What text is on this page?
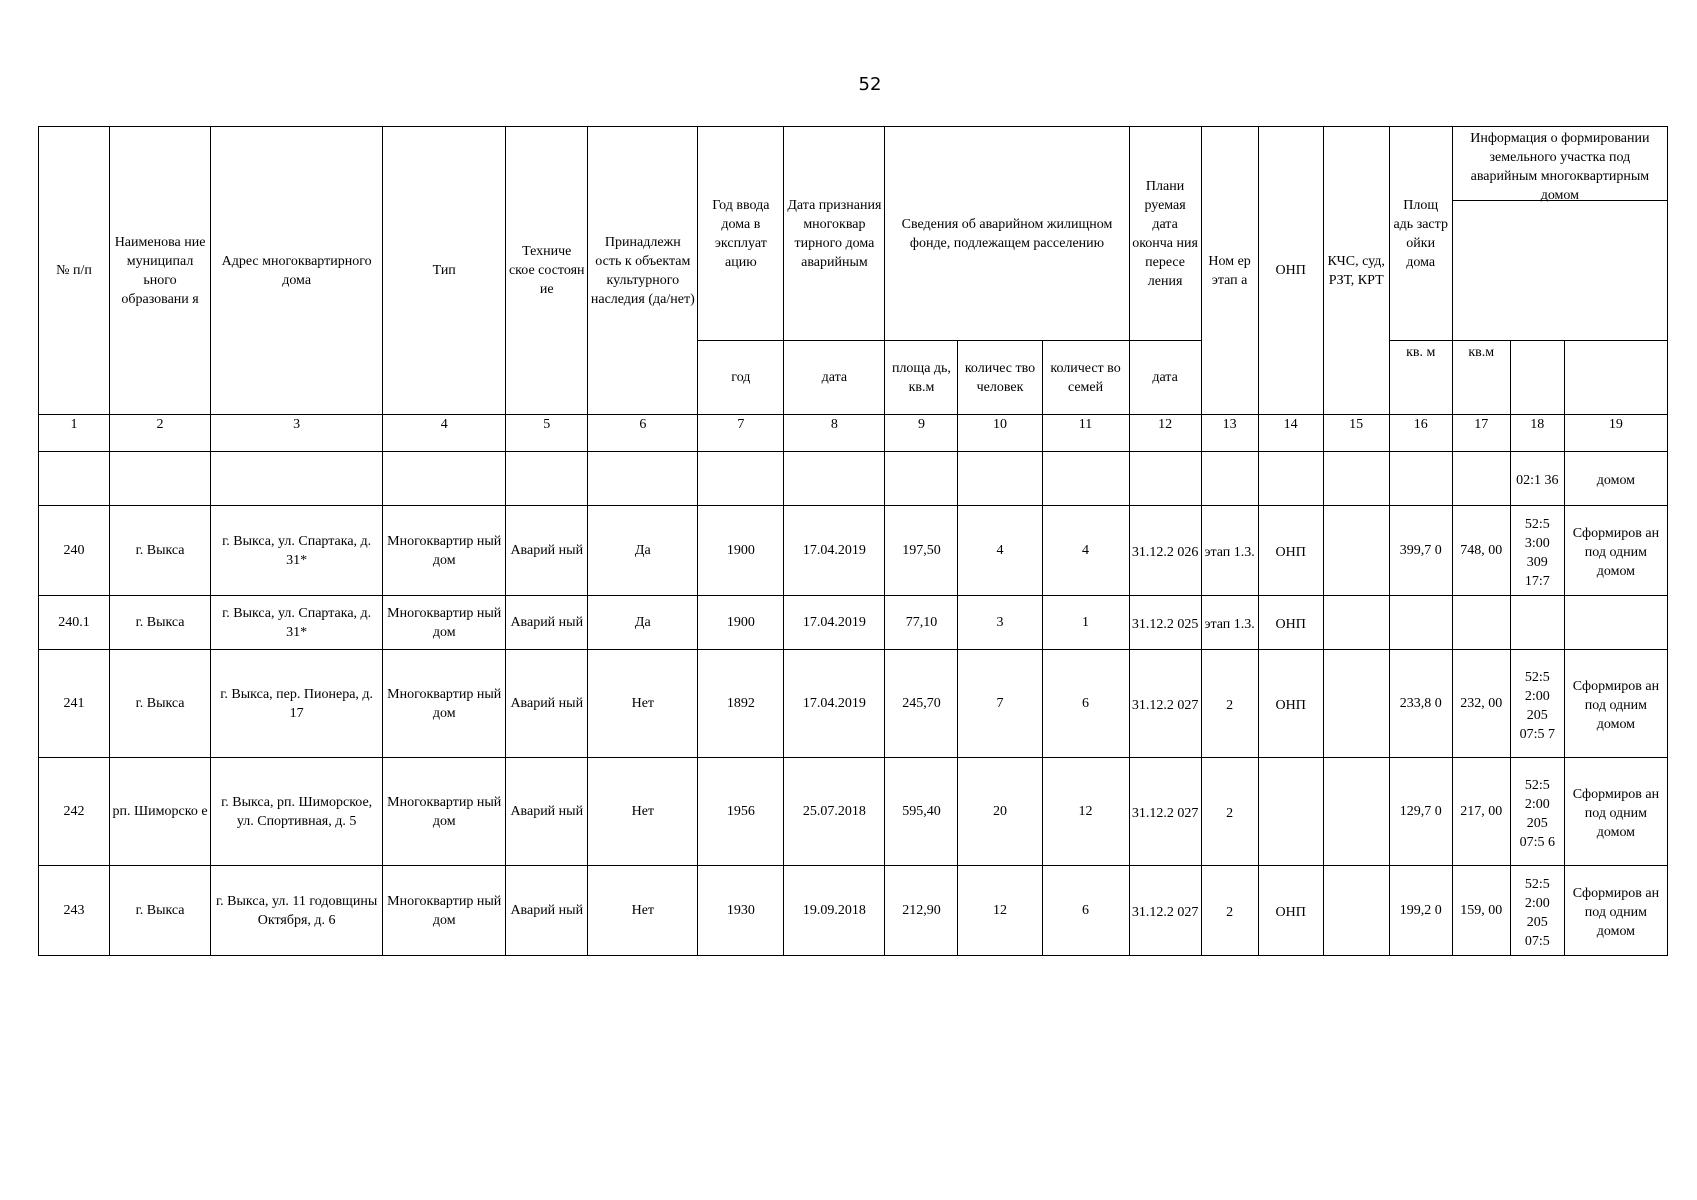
52
№ п/п	Наименова ние муниципал ьного образовани я	Адрес многоквартирного дома	Тип	Техниче ское состоян ие	Принадлежн ость к объектам культурного наследия (да/нет)	Год ввода дома в эксплуат ацию	Дата признания многоквар тирного дома аварийным	Сведения об аварийном жилищном фонде, подлежащем расселению			Плани руемая дата оконча ния пересе ления	Ном ер этап а	ОНП	КЧС, суд, РЗТ, КРТ	Площ адь застр ойки дома	Информация о формировании земельного участка под аварийным многоквартирным домом		

						год	дата	площа дь, кв.м	количес тво человек	количест во семей	дата				кв. м	кв.м		
1	2	3	4	5	6	7	8	9	10	11	12	13	14	15	16	17	18	19
																	02:1 36	домом
240	г. Выкса	г. Выкса, ул. Спартака, д. 31*	Многоквартир ный дом	Аварий ный	Да	1900	17.04.2019	197,50	4	4	31.12.2 026	этап 1.3.	ОНП		399,7 0	748, 00	52:5 3:00 309 17:7	Сформиров ан под одним домом
240.1	г. Выкса	г. Выкса, ул. Спартака, д. 31*	Многоквартир ный дом	Аварий ный	Да	1900	17.04.2019	77,10	3	1	31.12.2 025	этап 1.3.	ОНП					
241	г. Выкса	г. Выкса, пер. Пионера, д. 17	Многоквартир ный дом	Аварий ный	Нет	1892	17.04.2019	245,70	7	6	31.12.2 027	2	ОНП		233,8 0	232, 00	52:5 2:00 205 07:5 7	Сформиров ан под одним домом
242	рп. Шиморско е	г. Выкса, рп. Шиморское, ул. Спортивная, д. 5	Многоквартир ный дом	Аварий ный	Нет	1956	25.07.2018	595,40	20	12	31.12.2 027	2			129,7 0	217, 00	52:5 2:00 205 07:5 6	Сформиров ан под одним домом
243	г. Выкса	г. Выкса, ул. 11 годовщины Октября, д. 6	Многоквартир ный дом	Аварий ный	Нет	1930	19.09.2018	212,90	12	6	31.12.2 027	2	ОНП		199,2 0	159, 00	52:5 2:00 205 07:5	Сформиров ан под одним домом
